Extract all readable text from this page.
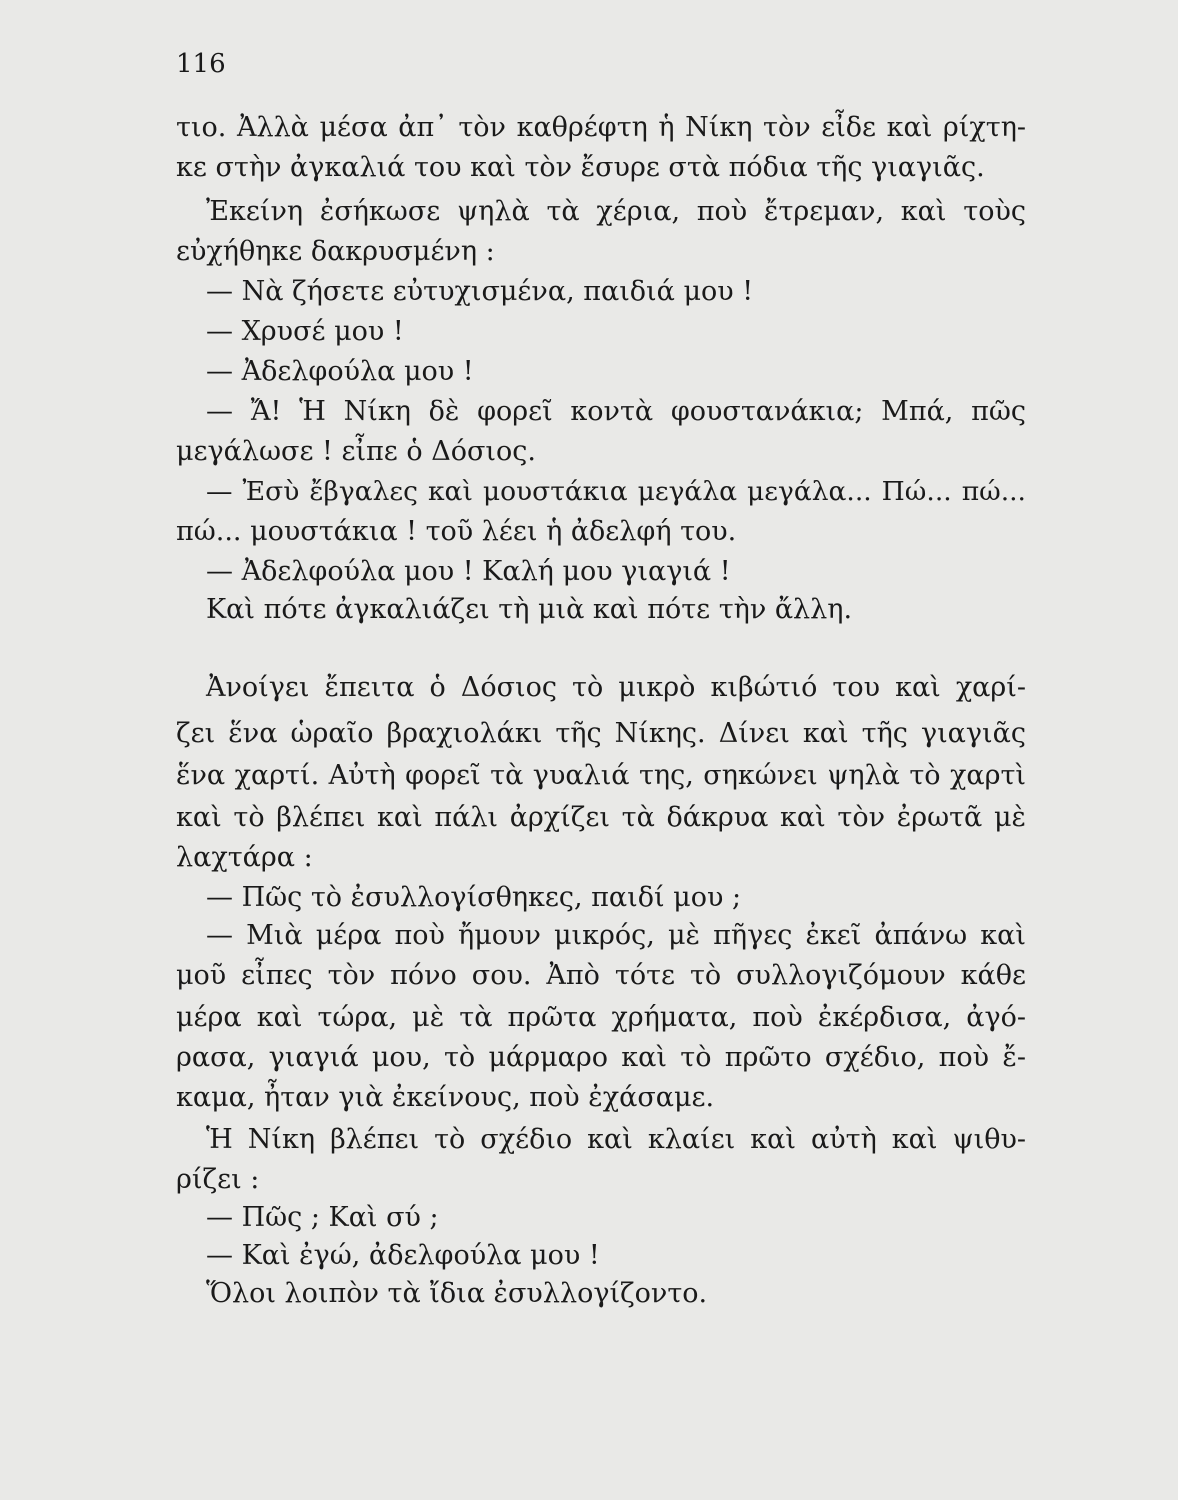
116

τιο. Ἀλλὰ μέσα ἀπ᾿ τὸν καθρέφτη ἡ Νίκη τὸν εἶδε καὶ ρίχτη-

κε στὴν ἀγκαλιά του καὶ τὸν ἔσυρε στὰ πόδια τῆς γιαγιᾶς.

Ἐκείνη ἐσήκωσε ψηλὰ τὰ χέρια, ποὺ ἔτρεμαν, καὶ τοὺς

εὐχήθηκε δακρυσμένη :

— Νὰ ζήσετε εὐτυχισμένα, παιδιά μου !

— Χρυσέ μου !

— Ἀδελφούλα μου !

— Ἄ! Ἡ Νίκη δὲ φορεῖ κοντὰ φουστανάκια; Μπά, πῶς

μεγάλωσε ! εἶπε ὁ Δόσιος.

— Ἐσὺ ἔβγαλες καὶ μουστάκια μεγάλα μεγάλα... Πώ... πώ...

πώ... μουστάκια ! τοῦ λέει ἡ ἀδελφή του.

— Ἀδελφούλα μου ! Καλή μου γιαγιά !

Καὶ πότε ἀγκαλιάζει τὴ μιὰ καὶ πότε τὴν ἄλλη.

Ἀνοίγει ἔπειτα ὁ Δόσιος τὸ μικρὸ κιβώτιό του καὶ χαρί-

ζει ἕνα ὡραῖο βραχιολάκι τῆς Νίκης. Δίνει καὶ τῆς γιαγιᾶς

ἕνα χαρτί. Αὐτὴ φορεῖ τὰ γυαλιά της, σηκώνει ψηλὰ τὸ χαρτὶ

καὶ τὸ βλέπει καὶ πάλι ἀρχίζει τὰ δάκρυα καὶ τὸν ἐρωτᾶ μὲ

λαχτάρα :

— Πῶς τὸ ἐσυλλογίσθηκες, παιδί μου ;

— Μιὰ μέρα ποὺ ἤμουν μικρός, μὲ πῆγες ἐκεῖ ἀπάνω καὶ

μοῦ εἶπες τὸν πόνο σου. Ἀπὸ τότε τὸ συλλογιζόμουν κάθε

μέρα καὶ τώρα, μὲ τὰ πρῶτα χρήματα, ποὺ ἐκέρδισα, ἀγό-

ρασα, γιαγιά μου, τὸ μάρμαρο καὶ τὸ πρῶτο σχέδιο, ποὺ ἔ-

καμα, ἦταν γιὰ ἐκείνους, ποὺ ἐχάσαμε.

Ἡ Νίκη βλέπει τὸ σχέδιο καὶ κλαίει καὶ αὐτὴ καὶ ψιθυ-

ρίζει :

— Πῶς ; Καὶ σύ ;

— Καὶ ἐγώ, ἀδελφούλα μου !

Ὅλοι λοιπὸν τὰ ἴδια ἐσυλλογίζοντο.
